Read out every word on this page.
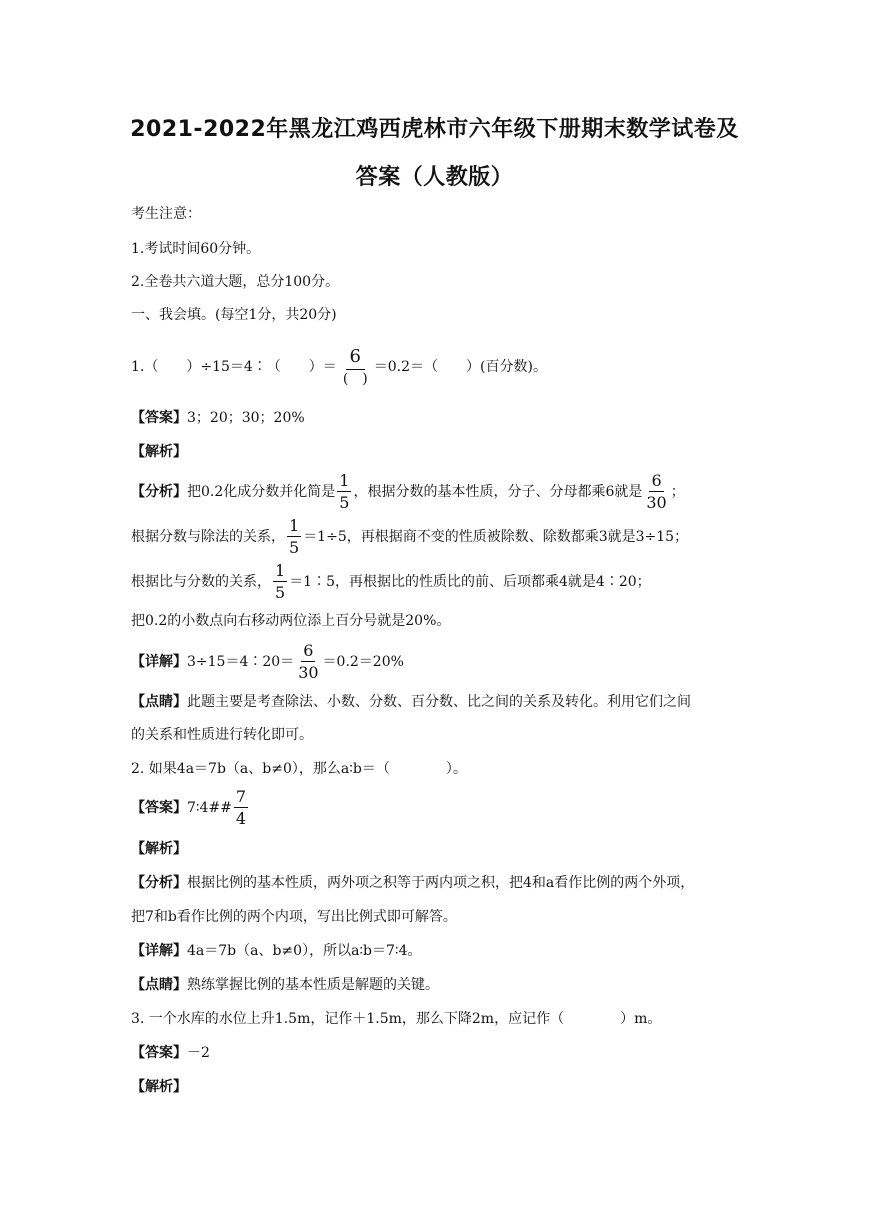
2021-2022年黑龙江鸡西虎林市六年级下册期末数学试卷及
答案（人教版）
考生注意：
1.考试时间60分钟。
2.全卷共六道大题，总分100分。
一、我会填。(每空1分，共20分)
1.（　　）÷15＝4∶（　　）＝ $\frac{6}{( )} =0.2=$（　　）(百分数)。
【答案】3；20；30；20%
【解析】
【分析】把0.2化成分数并化简是 $\frac{1}{5}$ ，根据分数的基本性质，分子、分母都乘6就是 $\frac{6}{30}$ ；
根据分数与除法的关系， $\frac{1}{5} =1\div 5$，再根据商不变的性质被除数、除数都乘3就是3÷15；
根据比与分数的关系， $\frac{1}{5}$ ＝1∶5，再根据比的性质比的前、后项都乘4就是4∶20；
把0.2的小数点向右移动两位添上百分号就是20%。
【详解】3÷15＝4∶20＝ $\frac{6}{30} =0.2=20\%$
【点睛】此题主要是考查除法、小数、分数、百分数、比之间的关系及转化。利用它们之间
的关系和性质进行转化即可。
2. 如果4a＝7b（a、b≠0），那么a∶b＝（　　　　）。
【答案】7∶4## $\frac{7}{4}$
【解析】
【分析】根据比例的基本性质，两外项之积等于两内项之积，把4和a看作比例的两个外项，
把7和b看作比例的两个内项，写出比例式即可解答。
【详解】4a＝7b（a、b≠0），所以a∶b＝7∶4。
【点睛】熟练掌握比例的基本性质是解题的关键。
3. 一个水库的水位上升1.5m，记作＋1.5m，那么下降2m，应记作（　　　　）m。
【答案】－2
【解析】
